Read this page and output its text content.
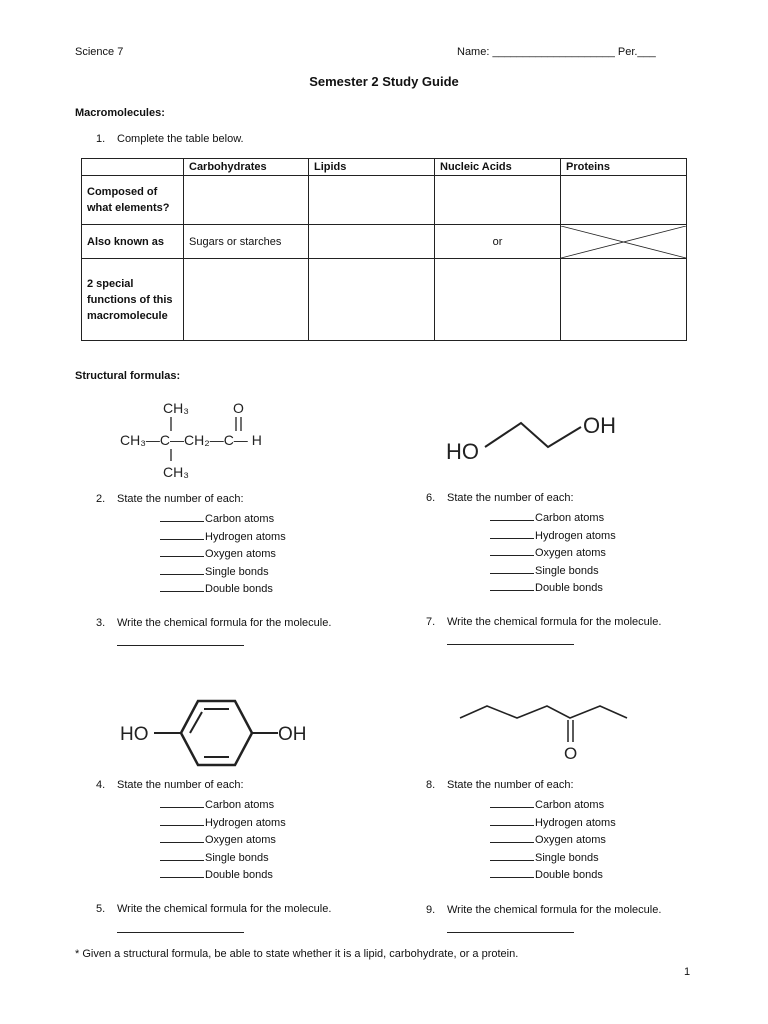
Science 7	Name: ____________________ Per.___
Semester 2 Study Guide
Macromolecules:
1. Complete the table below.
	Carbohydrates	Lipids	Nucleic Acids	Proteins
Composed of what elements?				
Also known as	Sugars or starches		or	

2 special functions of this macromolecule				
Structural formulas:
CH₃	O
CH₃—C—CH₂—C— H
CH₃
HO
OH
HO	OH
O
2. State the number of each:
Carbon atoms
Hydrogen atoms
Oxygen atoms
Single bonds
Double bonds
6. State the number of each:
Carbon atoms
Hydrogen atoms
Oxygen atoms
Single bonds
Double bonds
3. Write the chemical formula for the molecule.	7. Write the chemical formula for the molecule.
4. State the number of each:
Carbon atoms
Hydrogen atoms
Oxygen atoms
Single bonds
Double bonds
8. State the number of each:
Carbon atoms
Hydrogen atoms
Oxygen atoms
Single bonds
Double bonds
5. Write the chemical formula for the molecule.	9. Write the chemical formula for the molecule.
* Given a structural formula, be able to state whether it is a lipid, carbohydrate, or a protein.
1
